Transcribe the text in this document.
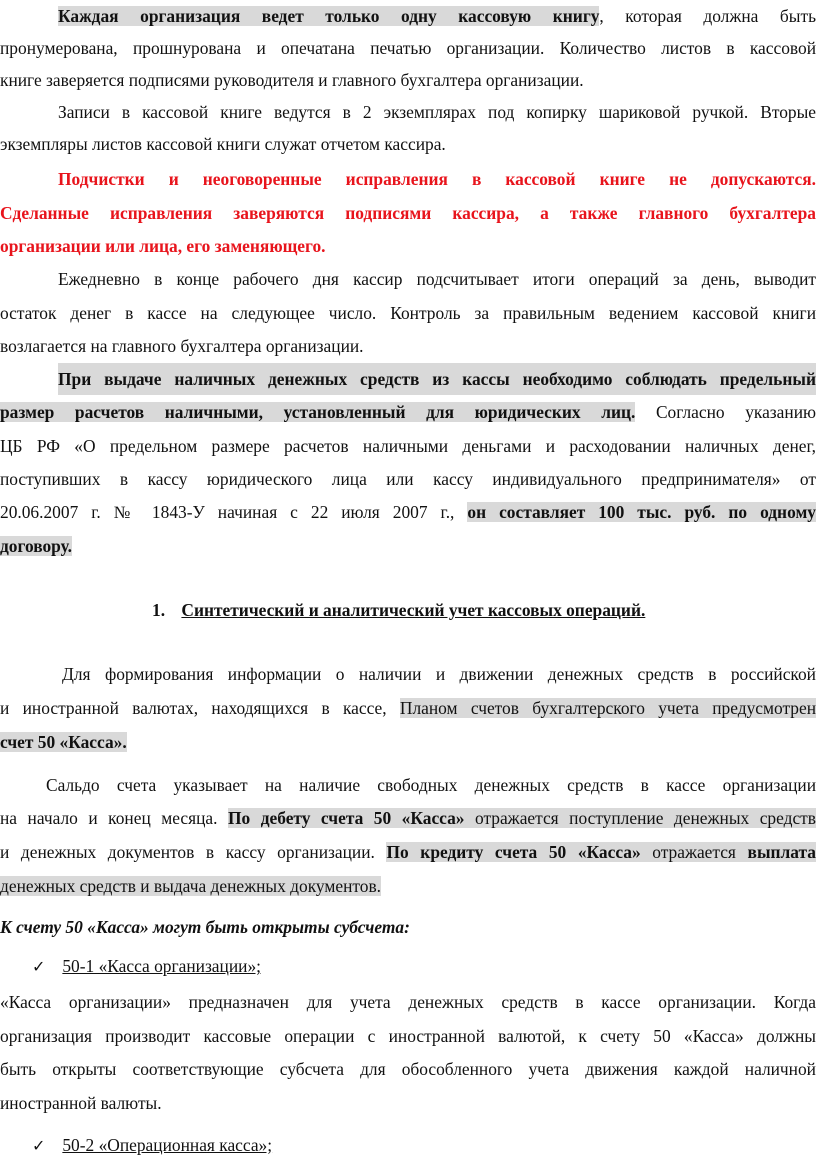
Каждая организация ведет только одну кассовую книгу, которая должна быть
пронумерована, прошнурована и опечатана печатью организации. Количество листов в кассовой
книге заверяется подписями руководителя и главного бухгалтера организации.
Записи в кассовой книге ведутся в 2 экземплярах под копирку шариковой ручкой. Вторые
экземпляры листов кассовой книги служат отчетом кассира.
Подчистки и неоговоренные исправления в кассовой книге не допускаются.
Сделанные исправления заверяются подписями кассира, а также главного бухгалтера
организации или лица, его заменяющего.
Ежедневно в конце рабочего дня кассир подсчитывает итоги операций за день, выводит
остаток денег в кассе на следующее число. Контроль за правильным ведением кассовой книги
возлагается на главного бухгалтера организации.
При выдаче наличных денежных средств из кассы необходимо соблюдать предельный
размер расчетов наличными, установленный для юридических лиц. Согласно указанию
ЦБ РФ «О предельном размере расчетов наличными деньгами и расходовании наличных денег,
поступивших в кассу юридического лица или кассу индивидуального предпринимателя» от
20.06.2007 г. № 1843-У начиная с 22 июля 2007 г., он составляет 100 тыс. руб. по одному
договору.
1. Синтетический и аналитический учет кассовых операций.
Для формирования информации о наличии и движении денежных средств в российской
и иностранной валютах, находящихся в кассе, Планом счетов бухгалтерского учета предусмотрен
счет 50 «Касса».
Сальдо счета указывает на наличие свободных денежных средств в кассе организации
на начало и конец месяца. По дебету счета 50 «Касса» отражается поступление денежных средств
и денежных документов в кассу организации. По кредиту счета 50 «Касса» отражается выплата
денежных средств и выдача денежных документов.
К счету 50 «Касса» могут быть открыты субсчета:
✓ 50-1 «Касса организации»;
«Касса организации» предназначен для учета денежных средств в кассе организации. Когда
организация производит кассовые операции с иностранной валютой, к счету 50 «Касса» должны
быть открыты соответствующие субсчета для обособленного учета движения каждой наличной
иностранной валюты.
✓ 50-2 «Операционная касса»;
